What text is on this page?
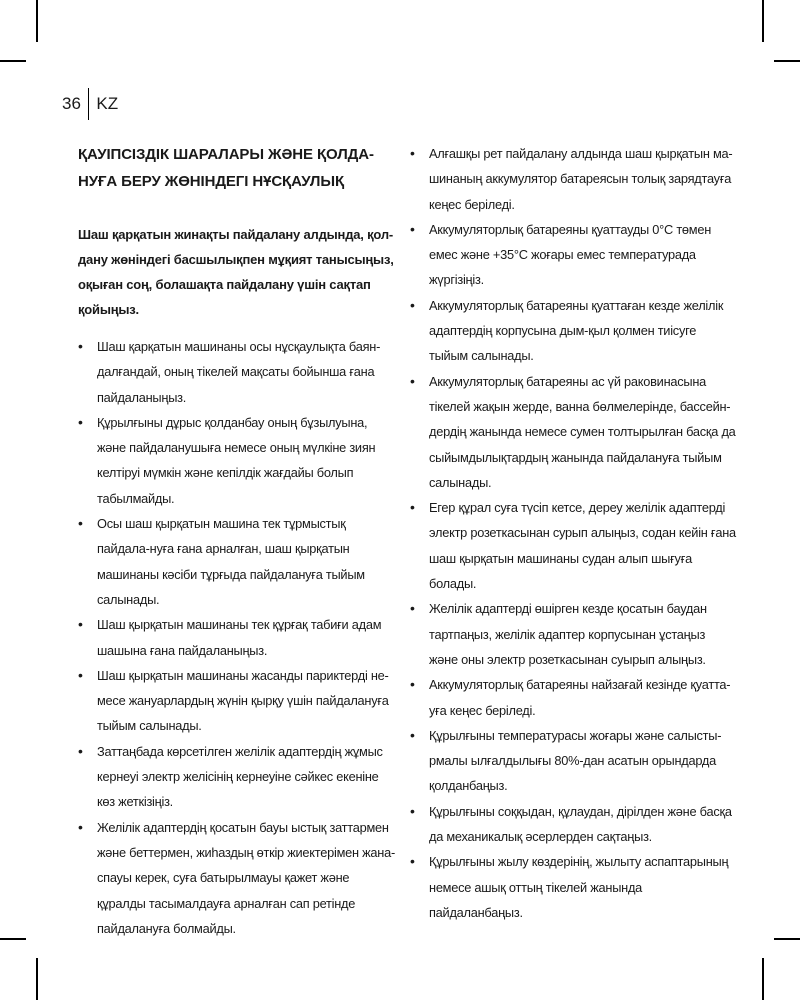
36 KZ
ҚАУІПСІЗДІК ШАРАЛАРЫ ЖӘНЕ ҚОЛДА-НУҒА БЕРУ ЖӨНІНДЕГІ НҰСҚАУЛЫҚ

Шаш қарқатын жинақты пайдалану алдында, қол-дану жөніндегі басшылықпен мұқият танысыңыз, оқыған соң, болашақта пайдалану үшін сақтап қойыңыз.

• Шаш қарқатын машинаны осы нұсқаулықта баян-далғандай, оның тікелей мақсаты бойынша ғана пайдаланыңыз.
• Құрылғыны дұрыс қолданбау оның бұзылуына, және пайдаланушыға немесе оның мүлкіне зиян келтіруі мүмкін және кепілдік жағдайы болып табылмайды.
• Осы шаш қырқатын машина тек тұрмыстық пайдала-нуға ғана арналған, шаш қырқатын машинаны кәсіби тұрғыда пайдалануға тыйым салынады.
• Шаш қырқатын машинаны тек құрғақ табиғи адам шашына ғана пайдаланыңыз.
• Шаш қырқатын машинаны жасанды париктерді не-месе жануарлардың жүнін қырқу үшін пайдалануға тыйым салынады.
• Заттаңбада көрсетілген желілік адаптердің жұмыс кернеуі электр желісінің кернеуіне сәйкес екеніне көз жеткізіңіз.
• Желілік адаптердің қосатын бауы ыстық заттармен және беттермен, жиһаздың өткір жиектерімен жана-спауы керек, суға батырылмауы қажет және құралды тасымалдауға арналған сап ретінде пайдалануға болмайды.
• Алғашқы рет пайдалану алдында шаш қырқатын ма-шинаның аккумулятор батареясын толық зарядтауға кеңес беріледі.
• Аккумуляторлық батареяны қуаттауды 0°С төмен емес және +35°С жоғары емес температурада жүргізіңіз.
• Аккумуляторлық батареяны қуаттаған кезде желілік адаптердің корпусына дым-қыл қолмен тиісуге тыйым салынады.
• Аккумуляторлық батареяны ас үй раковинасына тікелей жақын жерде, ванна бөлмелерінде, бассейн-дердің жанында немесе сумен толтырылған басқа да сыйымдылықтардың жанында пайдалануға тыйым салынады.
• Егер құрал суға түсіп кетсе, дереу желілік адаптерді электр розеткасынан сурып алыңыз, содан кейін ғана шаш қырқатын машинаны судан алып шығуға болады.
• Желілік адаптерді өшірген кезде қосатын баудан тартпаңыз, желілік адаптер корпусынан ұстаңыз және оны электр розеткасынан суырып алыңыз.
• Аккумуляторлық батареяны найзағай кезінде қуатта-уға кеңес беріледі.
• Құрылғыны температурасы жоғары және салысты-рмалы ылғалдылығы 80%-дан асатын орындарда қолданбаңыз.
• Құрылғыны соққыдан, құлаудан, дірілден және басқа да механикалық әсерлерден сақтаңыз.
• Құрылғыны жылу көздерінің, жылыту аспаптарының немесе ашық оттың тікелей жанында пайдаланбаңыз.
